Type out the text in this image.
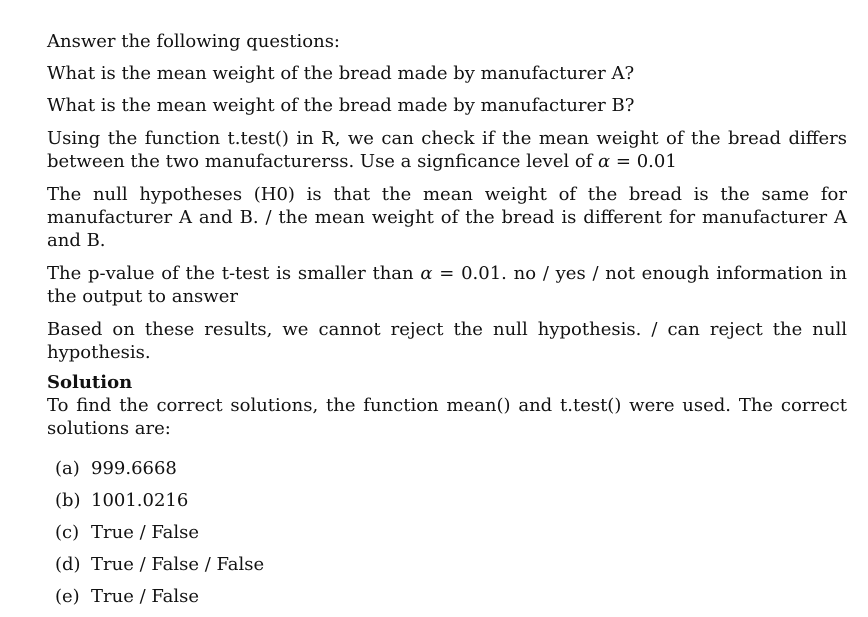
Answer the following questions:

What is the mean weight of the bread made by manufacturer A?

What is the mean weight of the bread made by manufacturer B?

Using the function t.test() in R, we can check if the mean weight of the bread differs between the two manufacturerss. Use a signficance level of α = 0.01

The null hypotheses (H0) is that the mean weight of the bread is the same for manufacturer A and B. / the mean weight of the bread is different for manufacturer A and B.

The p-value of the t-test is smaller than α = 0.01. no / yes / not enough information in the output to answer

Based on these results, we cannot reject the null hypothesis. / can reject the null hypothesis.

Solution

To find the correct solutions, the function mean() and t.test() were used. The correct solutions are:

(a) 999.6668
(b) 1001.0216
(c) True / False
(d) True / False / False
(e) True / False
